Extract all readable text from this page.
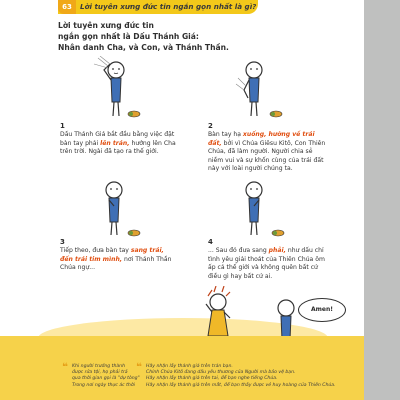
63	Lời tuyên xưng đức tin ngắn gọn nhất là gì?
Lời tuyên xưng đức tin
ngắn gọn nhất là Dấu Thánh Giá:
Nhân danh Cha, và Con, và Thánh Thần.
1
Dấu Thánh Giá bắt đầu bằng việc đặt bàn tay phải lên trán, hướng lên Cha trên trời. Ngài đã tạo ra thế giới.
2
Bàn tay hạ xuống, hướng về trái đất, bởi vì Chúa Giêsu Kitô, Con Thiên Chúa, đã làm người. Người chia sẻ niềm vui và sự khốn cùng của trái đất này với loài người chúng ta.
3
Tiếp theo, đưa bàn tay sang trái, đến trái tim mình, nơi Thánh Thần Chúa ngự...
4
... Sau đó đưa sang phải, như dấu chỉ tình yêu giải thoát của Thiên Chúa ôm ấp cả thế giới và không quên bất cứ điều gì hay bất cứ ai.
Amen!
❝ Khi người trưởng thành
được rửa tội, họ phải trả
qua thời gian gọi là "dự tòng"
Trong nơi ngày thực ác thời
❝ Hãy nhận lấy thánh giá trên trán bạn.
Chính Chúa Kitô đang dấu yêu thương của Người mà bảo vệ bạn.
Hãy nhận lấy thánh giá trên tai, để bạn nghe tiếng Chúa.
Hãy nhận lấy thánh giá trên mắt, để bạn thấy được vẻ huy hoàng của Thiên Chúa.
